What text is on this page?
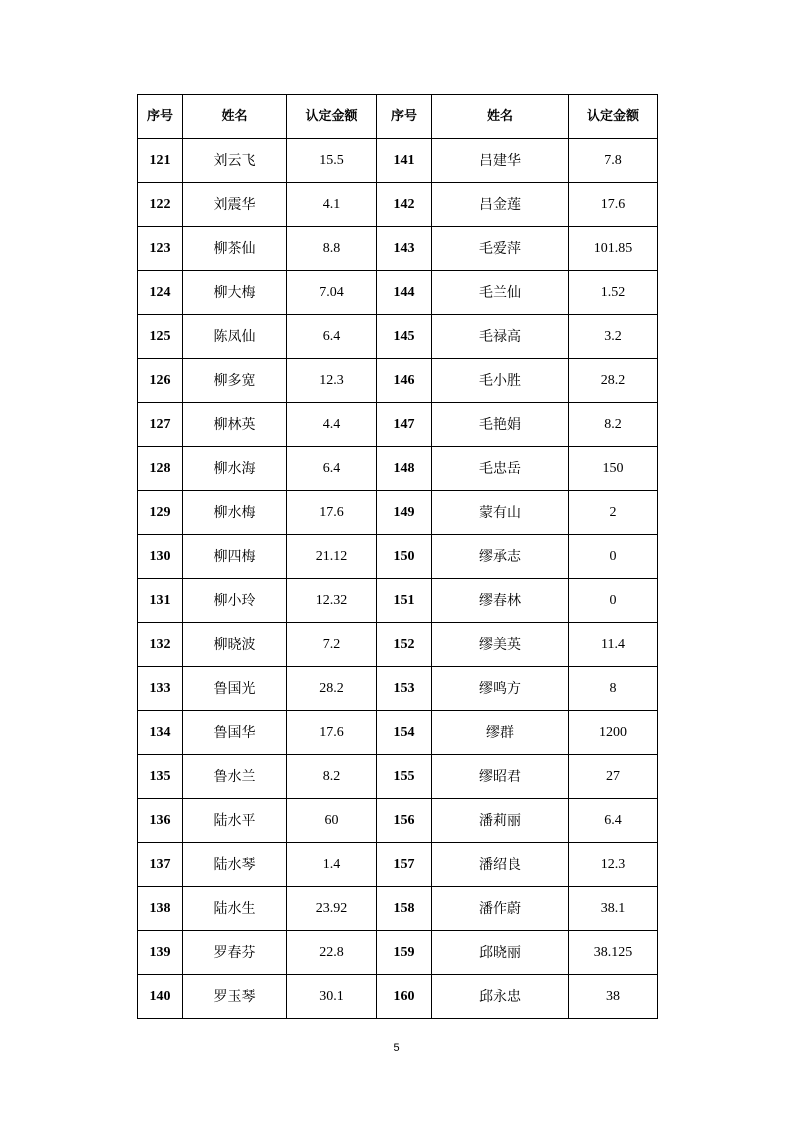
序号	姓名	认定金额	序号	姓名	认定金额
121	刘云飞	15.5	141	吕建华	7.8
122	刘震华	4.1	142	吕金莲	17.6
123	柳茶仙	8.8	143	毛爱萍	101.85
124	柳大梅	7.04	144	毛兰仙	1.52
125	陈凤仙	6.4	145	毛禄高	3.2
126	柳多宽	12.3	146	毛小胜	28.2
127	柳林英	4.4	147	毛艳娟	8.2
128	柳水海	6.4	148	毛忠岳	150
129	柳水梅	17.6	149	蒙有山	2
130	柳四梅	21.12	150	缪承志	0
131	柳小玲	12.32	151	缪春林	0
132	柳晓波	7.2	152	缪美英	11.4
133	鲁国光	28.2	153	缪鸣方	8
134	鲁国华	17.6	154	缪群	1200
135	鲁水兰	8.2	155	缪昭君	27
136	陆水平	60	156	潘莉丽	6.4
137	陆水琴	1.4	157	潘绍良	12.3
138	陆水生	23.92	158	潘作蔚	38.1
139	罗春芬	22.8	159	邱晓丽	38.125
140	罗玉琴	30.1	160	邱永忠	38
5
